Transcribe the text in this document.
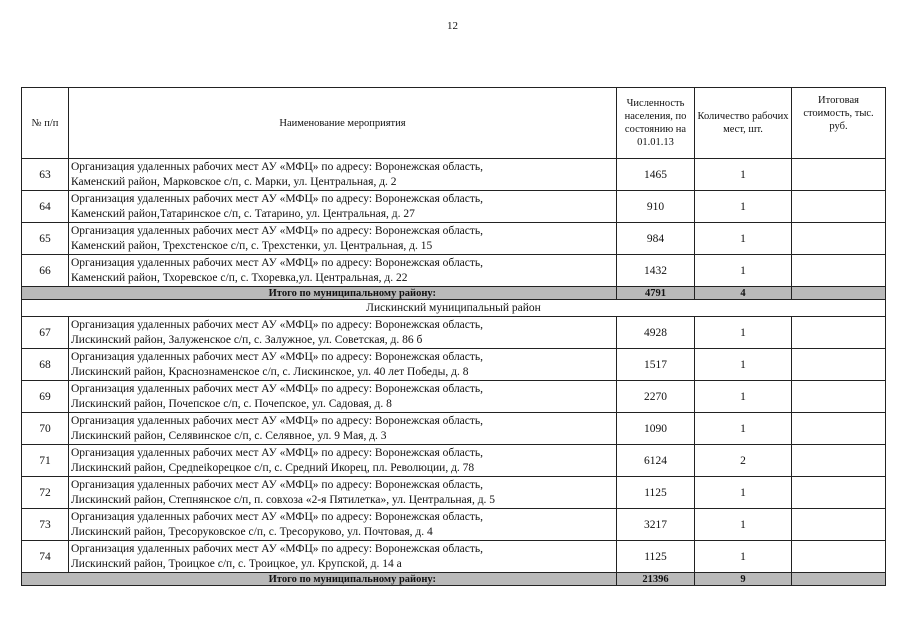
12
№ п/п	Наименование мероприятия	Численность населения, по состоянию на 01.01.13	Количество рабочих мест, шт.	Итоговая стоимость, тыс. руб.
63	Организация удаленных рабочих мест АУ «МФЦ» по адресу: Воронежская область,
Каменский район, Марковское с/п, с. Марки, ул. Центральная, д. 2	1465	1	
64	Организация удаленных рабочих мест АУ «МФЦ» по адресу: Воронежская область,
Каменский район,Татаринское с/п, с. Татарино, ул. Центральная, д. 27	910	1	
65	Организация удаленных рабочих мест АУ «МФЦ» по адресу: Воронежская область,
Каменский район, Трехстенское с/п, с. Трехстенки, ул. Центральная, д. 15	984	1	
66	Организация удаленных рабочих мест АУ «МФЦ» по адресу: Воронежская область,
Каменский район, Тхоревское с/п, с. Тхоревка,ул. Центральная, д. 22	1432	1	
Итого по муниципальному району:		4791	4	
Лискинский муниципальный район				
67	Организация удаленных рабочих мест АУ «МФЦ» по адресу: Воронежская область,
Лискинский район, Залуженское с/п, с. Залужное, ул. Советская, д. 86 б	4928	1	
68	Организация удаленных рабочих мест АУ «МФЦ» по адресу: Воронежская область,
Лискинский район, Краснознаменское с/п, с. Лискинское, ул. 40 лет Победы, д. 8	1517	1	
69	Организация удаленных рабочих мест АУ «МФЦ» по адресу: Воронежская область,
Лискинский район, Почепское с/п, с. Почепское, ул. Садовая, д. 8	2270	1	
70	Организация удаленных рабочих мест АУ «МФЦ» по адресу: Воронежская область,
Лискинский район, Селявинское с/п, с. Селявное, ул. 9 Мая, д. 3	1090	1	
71	Организация удаленных рабочих мест АУ «МФЦ» по адресу: Воронежская область,
Лискинский район, Средneikорецкое с/п, с. Средний Икорец, пл. Революции, д. 78	6124	2	
72	Организация удаленных рабочих мест АУ «МФЦ» по адресу: Воронежская область,
Лискинский район, Степнянское с/п, п. совхоза «2-я Пятилетка», ул. Центральная, д. 5	1125	1	
73	Организация удаленных рабочих мест АУ «МФЦ» по адресу: Воронежская область,
Лискинский район, Тресоруковское с/п, с. Тресоруково, ул. Почтовая, д. 4	3217	1	
74	Организация удаленных рабочих мест АУ «МФЦ» по адресу: Воронежская область,
Лискинский район, Троицкое с/п, с. Троицкое, ул. Крупской, д. 14 а	1125	1	
Итого по муниципальному району:		21396	9	
